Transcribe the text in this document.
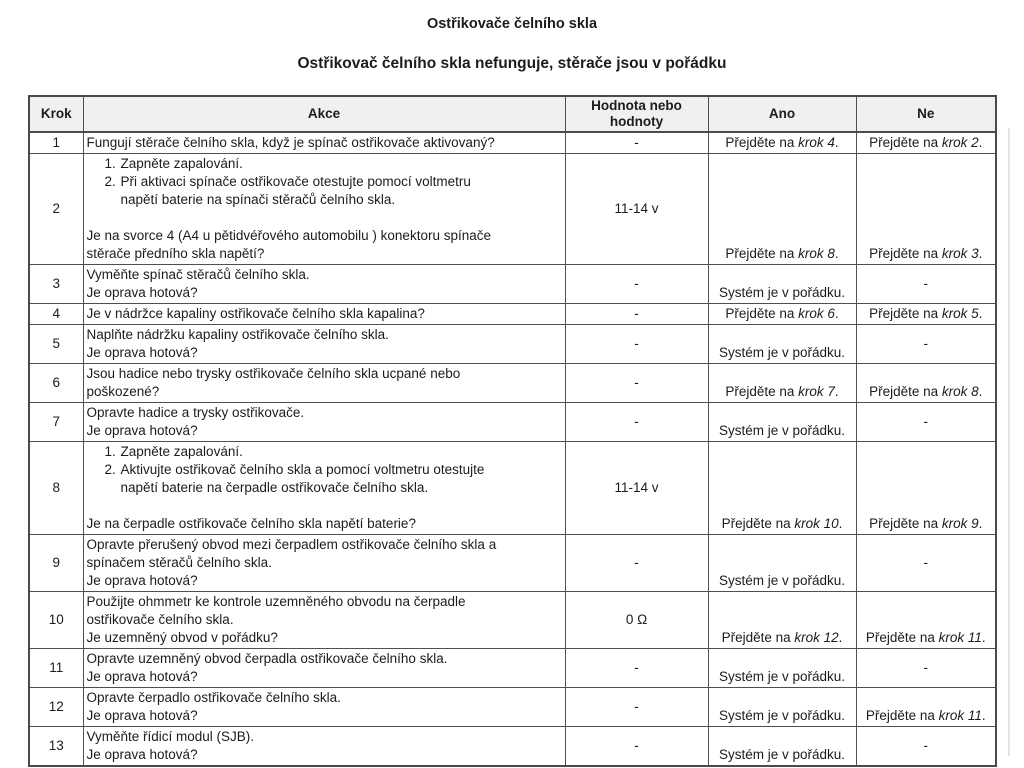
Ostřikovače čelního skla

Ostřikovač čelního skla nefunguje, stěrače jsou v pořádku

Krok	Akce	Hodnota nebo hodnoty	Ano	Ne
1	Fungují stěrače čelního skla, když je spínač ostřikovače aktivovaný?	-	Přejděte na krok 4.	Přejděte na krok 2.
2	
1. Zapněte zapalování.
2. Při aktivaci spínače ostřikovače otestujte pomocí voltmetru
napětí baterie na spínači stěračů čelního skla.
Je na svorce 4 (A4 u pětidvéřového automobilu ) konektoru spínače
stěrače předního skla napětí?
	11-14 v	Přejděte na krok 8.	Přejděte na krok 3.
3	Vyměňte spínač stěračů čelního skla.
Je oprava hotová?	-	Systém je v pořádku.	-
4	Je v nádržce kapaliny ostřikovače čelního skla kapalina?	-	Přejděte na krok 6.	Přejděte na krok 5.
5	Naplňte nádržku kapaliny ostřikovače čelního skla.
Je oprava hotová?	-	Systém je v pořádku.	-
6	Jsou hadice nebo trysky ostřikovače čelního skla ucpané nebo
poškozené?	-	Přejděte na krok 7.	Přejděte na krok 8.
7	Opravte hadice a trysky ostřikovače.
Je oprava hotová?	-	Systém je v pořádku.	-
8	
1. Zapněte zapalování.
2. Aktivujte ostřikovač čelního skla a pomocí voltmetru otestujte
napětí baterie na čerpadle ostřikovače čelního skla.
Je na čerpadle ostřikovače čelního skla napětí baterie?
	11-14 v	Přejděte na krok 10.	Přejděte na krok 9.
9	Opravte přerušený obvod mezi čerpadlem ostřikovače čelního skla a
spínačem stěračů čelního skla.
Je oprava hotová?	-	Systém je v pořádku.	-
10	Použijte ohmmetr ke kontrole uzemněného obvodu na čerpadle
ostřikovače čelního skla.
Je uzemněný obvod v pořádku?	0 Ω	Přejděte na krok 12.	Přejděte na krok 11.
11	Opravte uzemněný obvod čerpadla ostřikovače čelního skla.
Je oprava hotová?	-	Systém je v pořádku.	-
12	Opravte čerpadlo ostřikovače čelního skla.
Je oprava hotová?	-	Systém je v pořádku.	Přejděte na krok 11.
13	Vyměňte řídicí modul (SJB).
Je oprava hotová?	-	Systém je v pořádku.	-
